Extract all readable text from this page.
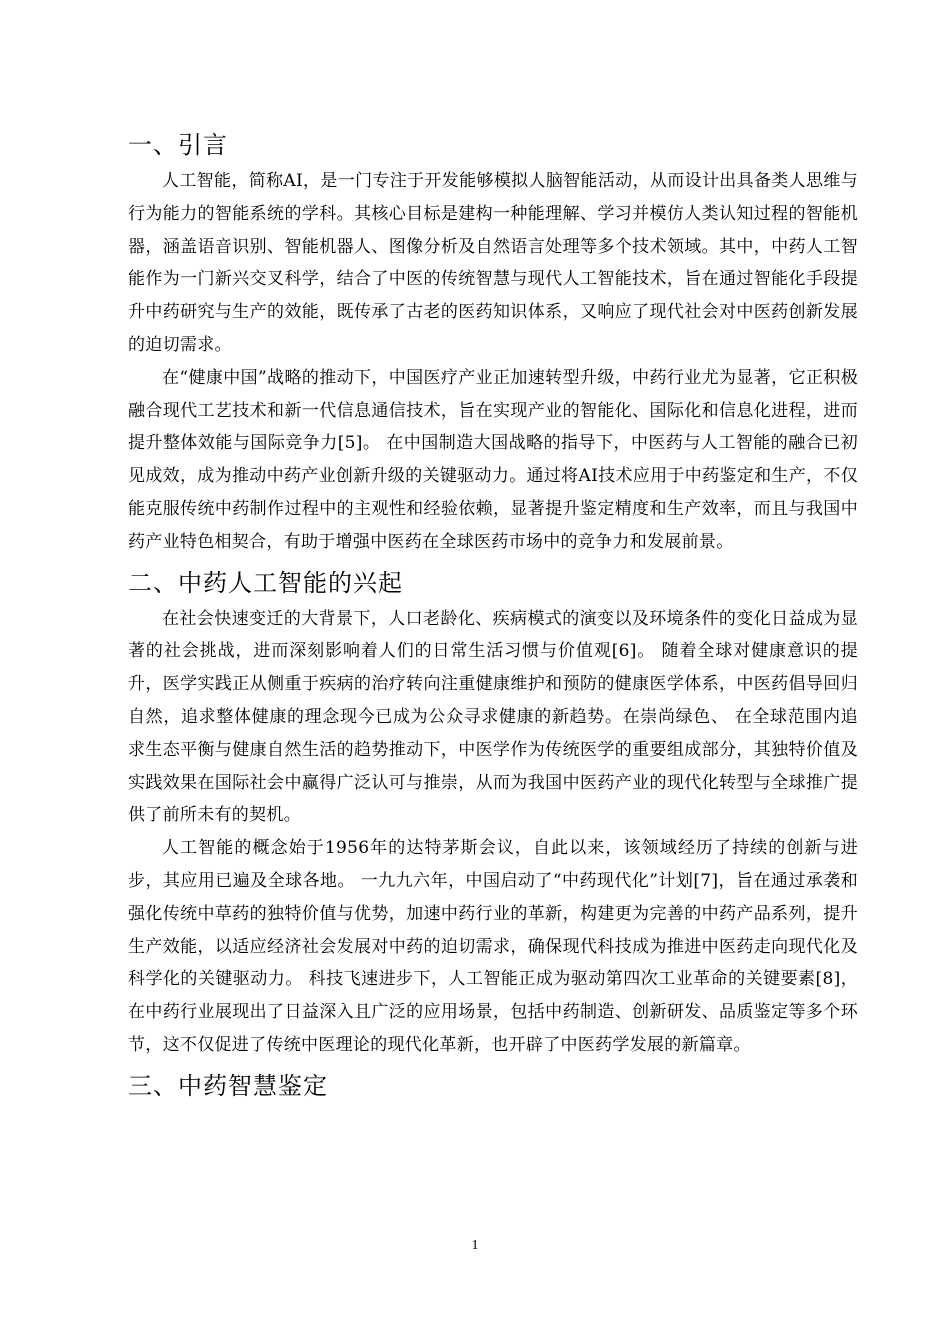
一、引言

人工智能，简称AI，是一门专注于开发能够模拟人脑智能活动，从而设计出具备类人思维与行为能力的智能系统的学科。其核心目标是建构一种能理解、学习并模仿人类认知过程的智能机器，涵盖语音识别、智能机器人、图像分析及自然语言处理等多个技术领域。其中，中药人工智能作为一门新兴交叉科学，结合了中医的传统智慧与现代人工智能技术，旨在通过智能化手段提升中药研究与生产的效能，既传承了古老的医药知识体系，又响应了现代社会对中医药创新发展的迫切需求。

在“健康中国”战略的推动下，中国医疗产业正加速转型升级，中药行业尤为显著，它正积极融合现代工艺技术和新一代信息通信技术，旨在实现产业的智能化、国际化和信息化进程，进而提升整体效能与国际竞争力[5]。 在中国制造大国战略的指导下，中医药与人工智能的融合已初见成效，成为推动中药产业创新升级的关键驱动力。通过将AI技术应用于中药鉴定和生产，不仅能克服传统中药制作过程中的主观性和经验依赖，显著提升鉴定精度和生产效率，而且与我国中药产业特色相契合，有助于增强中医药在全球医药市场中的竞争力和发展前景。

二、中药人工智能的兴起

在社会快速变迁的大背景下，人口老龄化、疾病模式的演变以及环境条件的变化日益成为显著的社会挑战，进而深刻影响着人们的日常生活习惯与价值观[6]。 随着全球对健康意识的提升，医学实践正从侧重于疾病的治疗转向注重健康维护和预防的健康医学体系，中医药倡导回归自然，追求整体健康的理念现今已成为公众寻求健康的新趋势。在崇尚绿色、 在全球范围内追求生态平衡与健康自然生活的趋势推动下，中医学作为传统医学的重要组成部分，其独特价值及实践效果在国际社会中赢得广泛认可与推崇，从而为我国中医药产业的现代化转型与全球推广提供了前所未有的契机。

人工智能的概念始于1956年的达特茅斯会议，自此以来，该领域经历了持续的创新与进步，其应用已遍及全球各地。 一九九六年，中国启动了“中药现代化”计划[7]，旨在通过承袭和强化传统中草药的独特价值与优势，加速中药行业的革新，构建更为完善的中药产品系列，提升生产效能，以适应经济社会发展对中药的迫切需求，确保现代科技成为推进中医药走向现代化及科学化的关键驱动力。 科技飞速进步下，人工智能正成为驱动第四次工业革命的关键要素[8]，在中药行业展现出了日益深入且广泛的应用场景，包括中药制造、创新研发、品质鉴定等多个环节，这不仅促进了传统中医理论的现代化革新，也开辟了中医药学发展的新篇章。

三、中药智慧鉴定
1
